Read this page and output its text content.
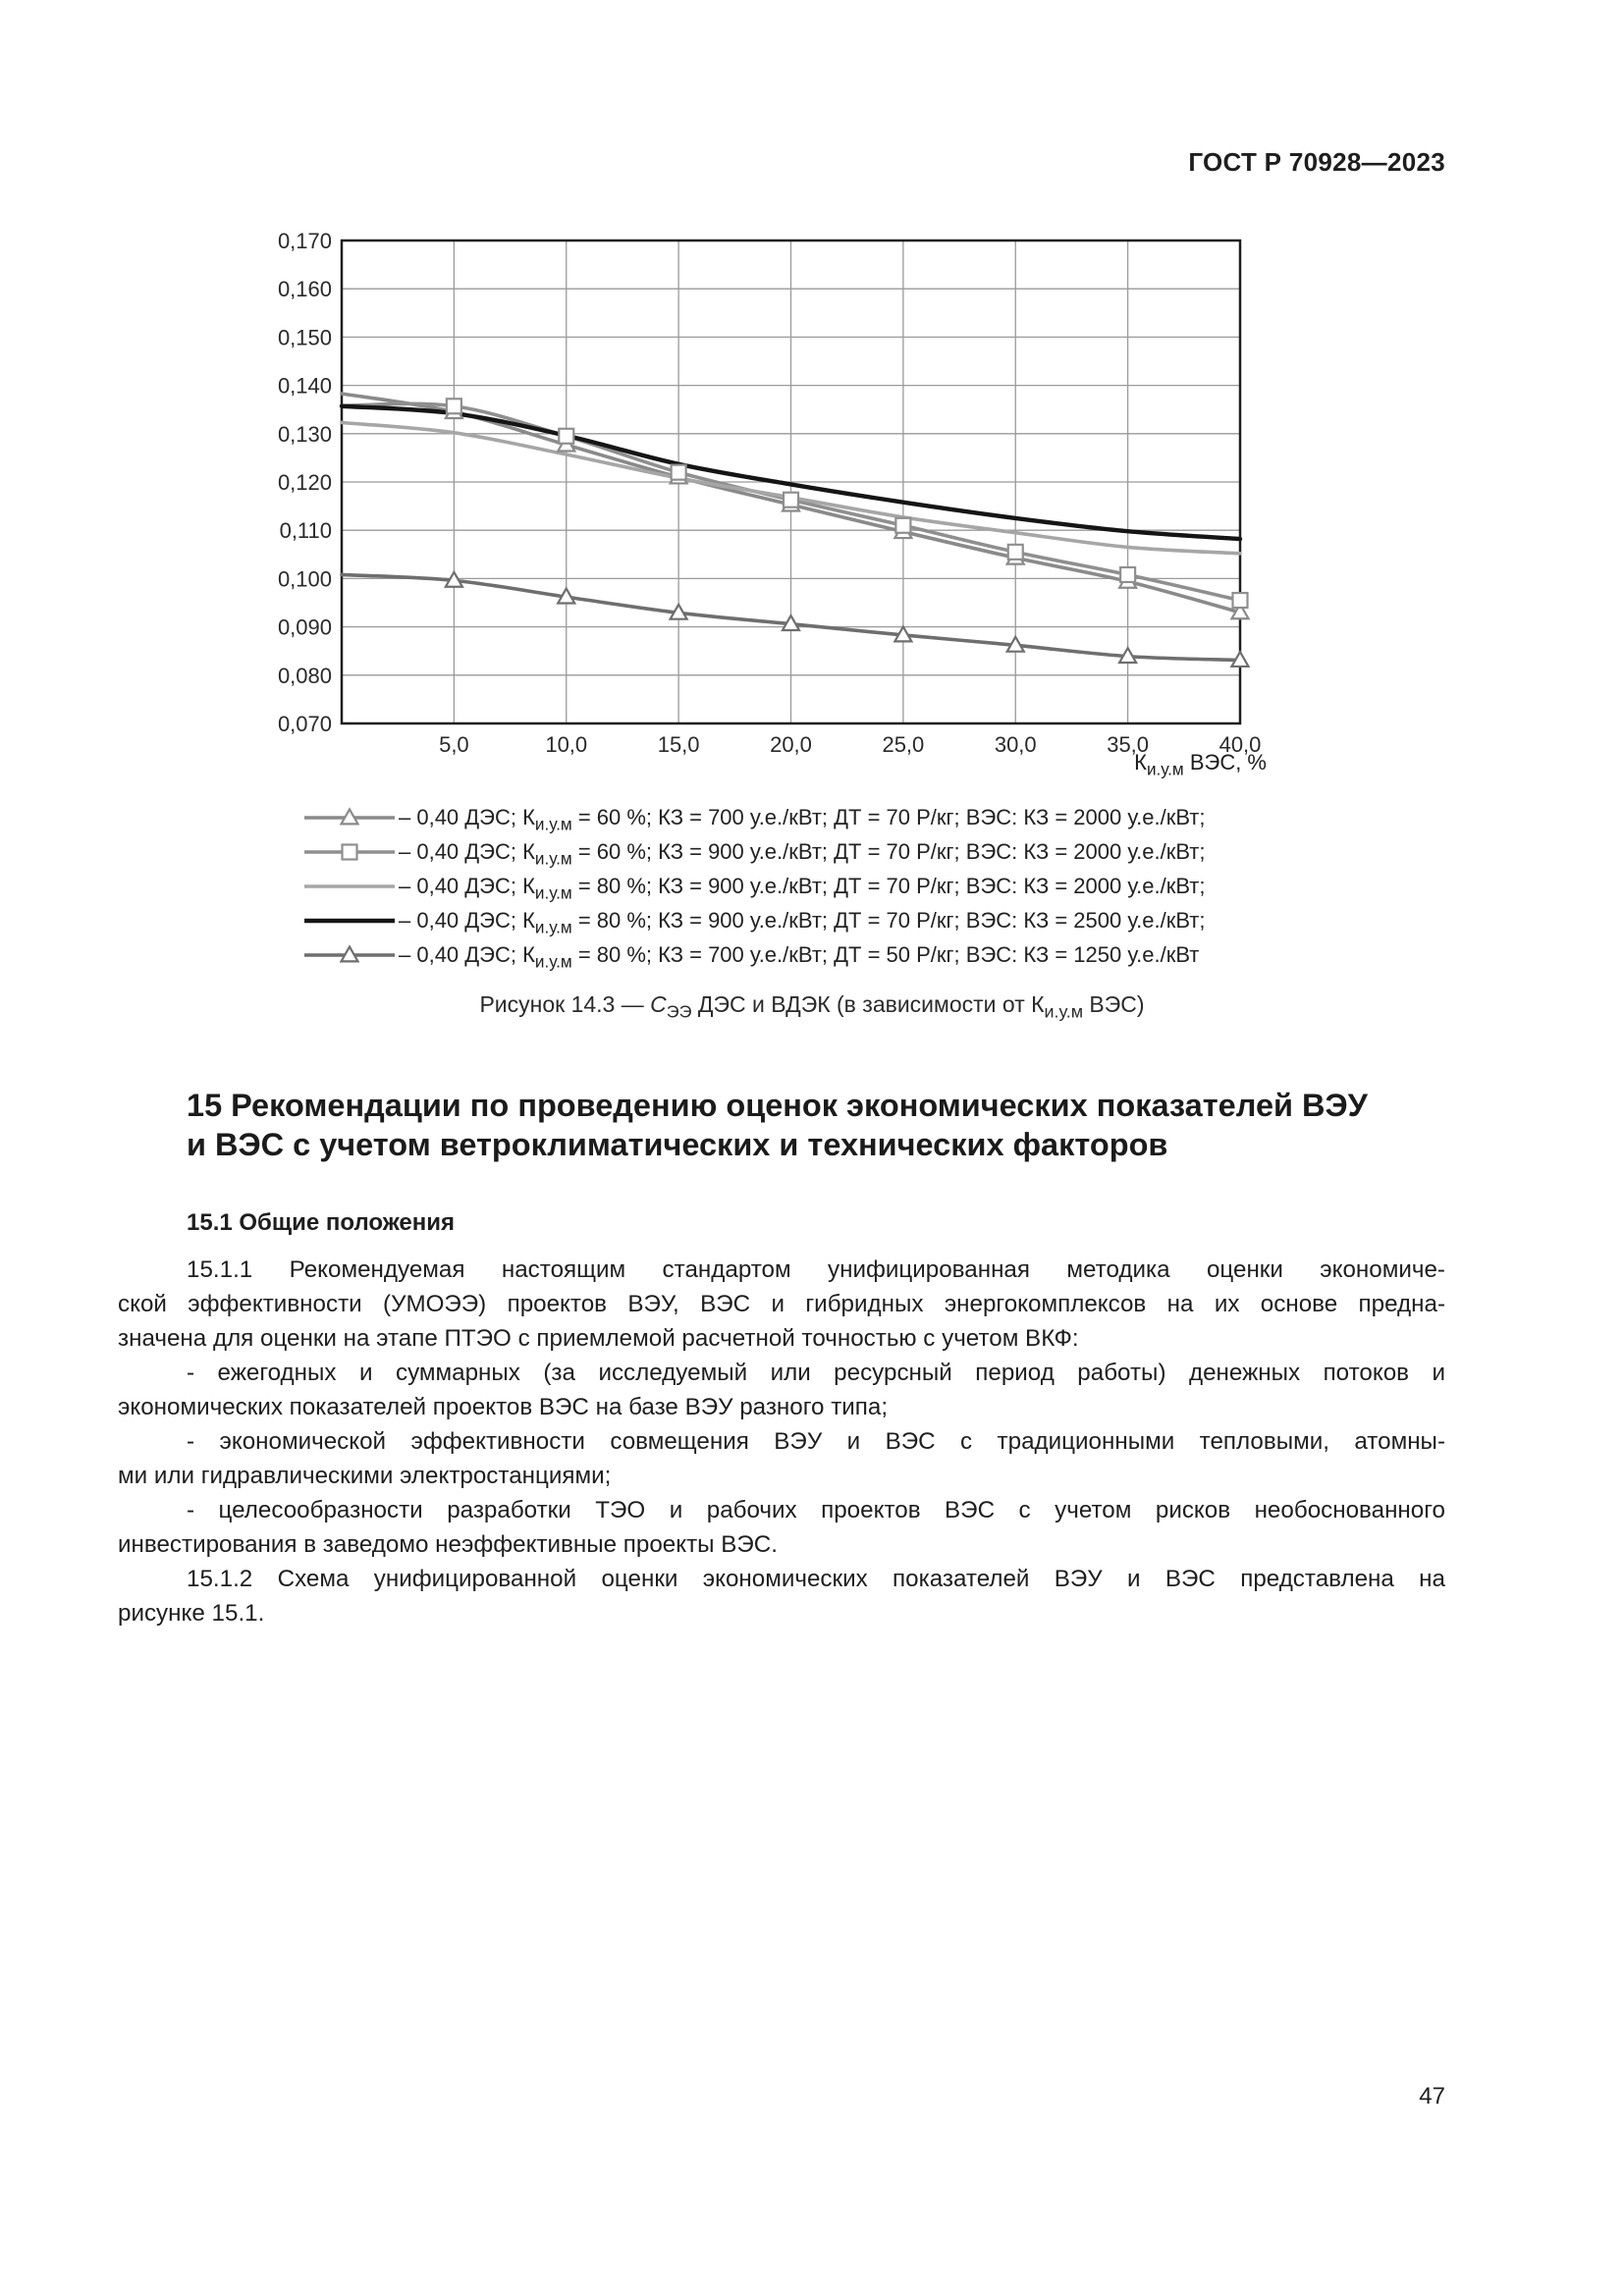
ГОСТ Р 70928—2023
0,070
0,080
0,090
0,100
0,110
0,120
0,130
0,140
0,150
0,160
0,170
5,0	10,0	15,0	20,0	25,0	30,0	35,0	40,0
$К_{и.у.м}$ ВЭС, %
– 0,40 ДЭС; $К_{и.у.м} = 60$ %; КЗ = 700 у.е./кВт; ДТ = 70 Р/кг; ВЭС: КЗ = 2000 у.е./кВт;
– 0,40 ДЭС; $К_{и.у.м} = 60$ %; КЗ = 900 у.е./кВт; ДТ = 70 Р/кг; ВЭС: КЗ = 2000 у.е./кВт;
– 0,40 ДЭС; $К_{и.у.м} = 80$ %; КЗ = 900 у.е./кВт; ДТ = 70 Р/кг; ВЭС: КЗ = 2000 у.е./кВт;
– 0,40 ДЭС; $К_{и.у.м} = 80$ %; КЗ = 900 у.е./кВт; ДТ = 70 Р/кг; ВЭС: КЗ = 2500 у.е./кВт;
– 0,40 ДЭС; $К_{и.у.м} = 80$ %; КЗ = 700 у.е./кВт; ДТ = 50 Р/кг; ВЭС: КЗ = 1250 у.е./кВт
Рисунок 14.3 — $С_{ЭЭ}$ ДЭС и ВДЭК (в зависимости от $К_{и.у.м}$ ВЭС)
15 Рекомендации по проведению оценок экономических показателей ВЭУ
и ВЭС с учетом ветроклиматических и технических факторов
15.1 Общие положения
15.1.1 Рекомендуемая настоящим стандартом унифицированная методика оценки экономиче-
ской эффективности (УМОЭЭ) проектов ВЭУ, ВЭС и гибридных энергокомплексов на их основе предна-
значена для оценки на этапе ПТЭО с приемлемой расчетной точностью с учетом ВКФ:
- ежегодных и суммарных (за исследуемый или ресурсный период работы) денежных потоков и
экономических показателей проектов ВЭС на базе ВЭУ разного типа;
- экономической эффективности совмещения ВЭУ и ВЭС с традиционными тепловыми, атомны-
ми или гидравлическими электростанциями;
- целесообразности разработки ТЭО и рабочих проектов ВЭС с учетом рисков необоснованного
инвестирования в заведомо неэффективные проекты ВЭС.
15.1.2 Схема унифицированной оценки экономических показателей ВЭУ и ВЭС представлена на
рисунке 15.1.
47
